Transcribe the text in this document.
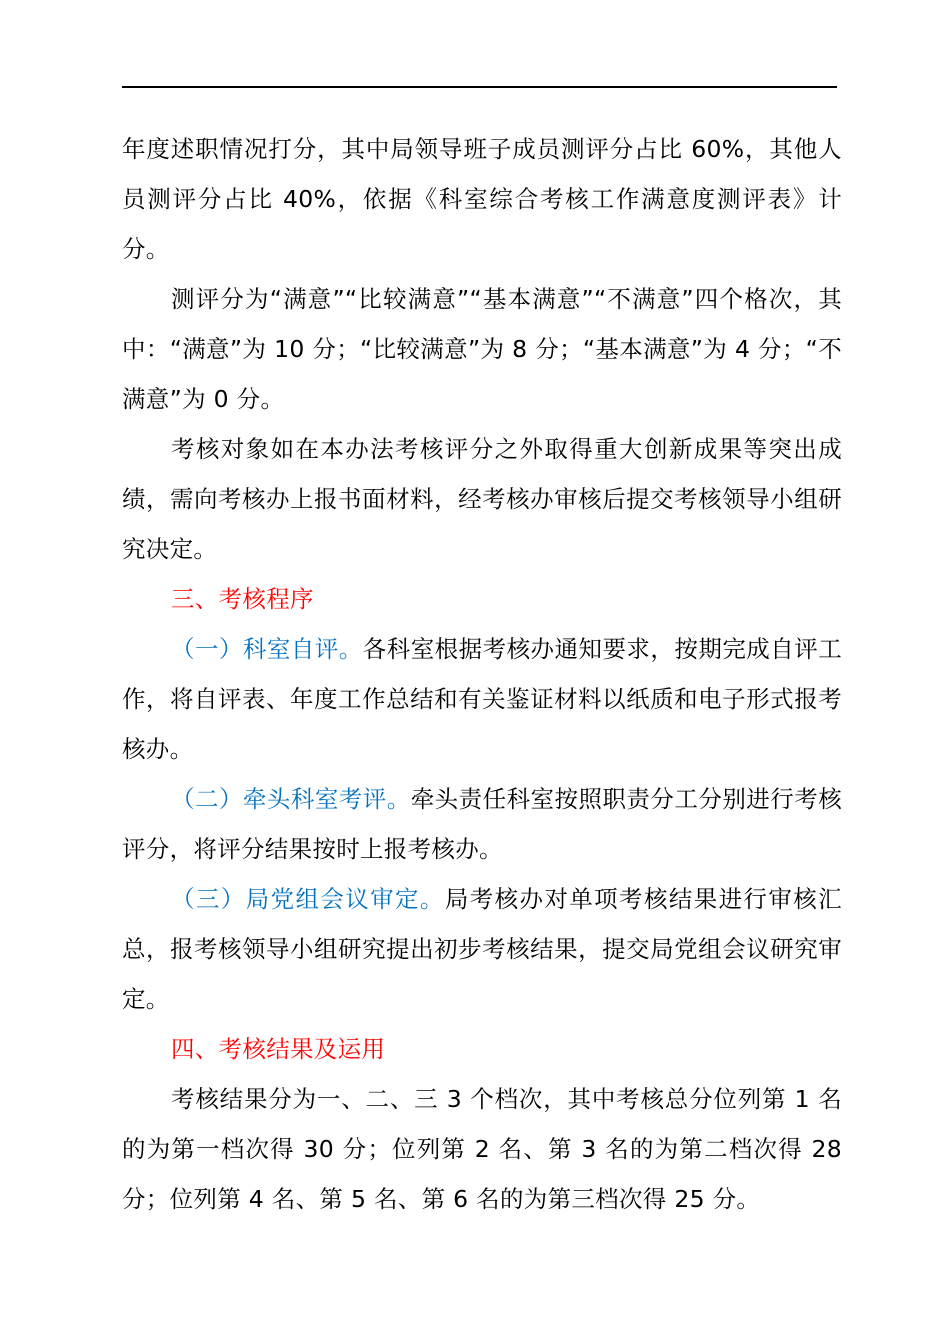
年度述职情况打分，其中局领导班子成员测评分占比 60%，其他人员测评分占比 40%，依据《科室综合考核工作满意度测评表》计分。

测评分为“满意”“比较满意”“基本满意”“不满意”四个格次，其中：“满意”为 10 分；“比较满意”为 8 分；“基本满意”为 4 分；“不满意”为 0 分。

考核对象如在本办法考核评分之外取得重大创新成果等突出成绩，需向考核办上报书面材料，经考核办审核后提交考核领导小组研究决定。

三、考核程序

（一）科室自评。各科室根据考核办通知要求，按期完成自评工作，将自评表、年度工作总结和有关鉴证材料以纸质和电子形式报考核办。

（二）牵头科室考评。牵头责任科室按照职责分工分别进行考核评分，将评分结果按时上报考核办。

（三）局党组会议审定。局考核办对单项考核结果进行审核汇总，报考核领导小组研究提出初步考核结果，提交局党组会议研究审定。

四、考核结果及运用

考核结果分为一、二、三 3 个档次，其中考核总分位列第 1 名的为第一档次得 30 分；位列第 2 名、第 3 名的为第二档次得 28 分；位列第 4 名、第 5 名、第 6 名的为第三档次得 25 分。
